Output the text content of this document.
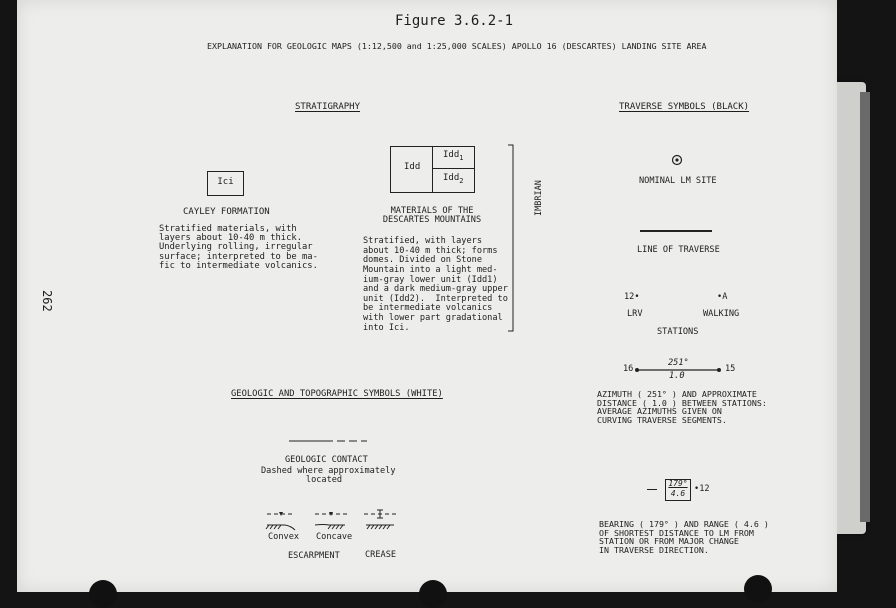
Figure 3.6.2-1
EXPLANATION FOR GEOLOGIC MAPS (1:12,500 and 1:25,000 SCALES) APOLLO 16 (DESCARTES) LANDING SITE AREA
262
STRATIGRAPHY
Ici
CAYLEY FORMATION
Stratified materials, with
layers about 10-40 m thick.
Underlying rolling, irregular
surface; interpreted to be ma-
fic to intermediate volcanics.
Idd
Idd$_1$
Idd$_2$
MATERIALS OF THE
DESCARTES MOUNTAINS
Stratified, with layers
about 10-40 m thick; forms
domes. Divided on Stone
Mountain into a light med-
ium-gray lower unit (Idd1)
and a dark medium-gray upper
unit (Idd2).  Interpreted to
be intermediate volcanics
with lower part gradational
into Ici.
IMBRIAN
GEOLOGIC AND TOPOGRAPHIC SYMBOLS (WHITE)
GEOLOGIC CONTACT
Dashed where approximately
located
Convex Concave
ESCARPMENT	CREASE
TRAVERSE SYMBOLS (BLACK)
NOMINAL LM SITE
LINE OF TRAVERSE
12•	•A
LRV	WALKING
STATIONS
16	15
251°
1.0
AZIMUTH ( 251° ) AND APPROXIMATE
DISTANCE ( 1.0 ) BETWEEN STATIONS:
AVERAGE AZIMUTHS GIVEN ON
CURVING TRAVERSE SEGMENTS.
179°
4.6	•12
BEARING ( 179° ) AND RANGE ( 4.6 )
OF SHORTEST DISTANCE TO LM FROM
STATION OR FROM MAJOR CHANGE
IN TRAVERSE DIRECTION.
